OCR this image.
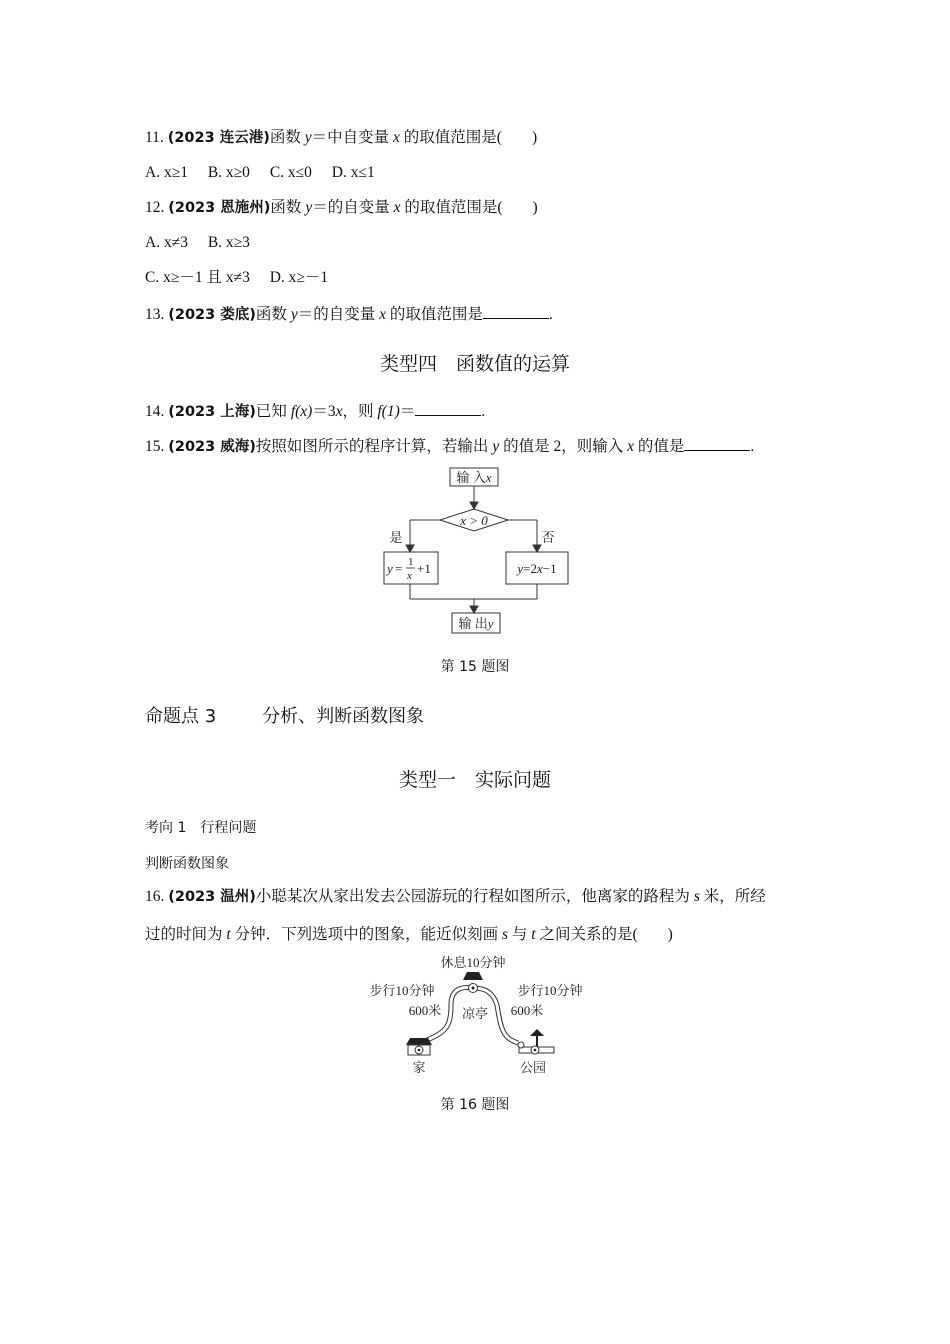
11. (2023 连云港)函数 y＝中自变量 x 的取值范围是( )
A. x≥1 B. x≥0 C. x≤0 D. x≤1
12. (2023 恩施州)函数 y＝的自变量 x 的取值范围是( )
A. x≠3 B. x≥3
C. x≥－1 且 x≠3 D. x≥－1
13. (2023 娄底)函数 y＝的自变量 x 的取值范围是	.
类型四　函数值的运算
14. (2023 上海)已知 f(x)＝3x，则 f(1)＝	.
15. (2023 威海)按照如图所示的程序计算，若输出 y 的值是 2，则输入 x 的值是	.
输 入x
x > 0
是	否
y = 1
x +1	y=2x−1
输 出y
第 15 题图
命题点 3	分析、判断函数图象
类型一　实际问题
考向 1　行程问题
判断函数图象
16. (2023 温州)小聪某次从家出发去公园游玩的行程如图所示，他离家的路程为 s 米，所经
过的时间为 t 分钟．下列选项中的图象，能近似刻画 s 与 t 之间关系的是( )
休息10分钟
步行10分钟
600米
步行10分钟
600米
凉亭
家	公园
第 16 题图
